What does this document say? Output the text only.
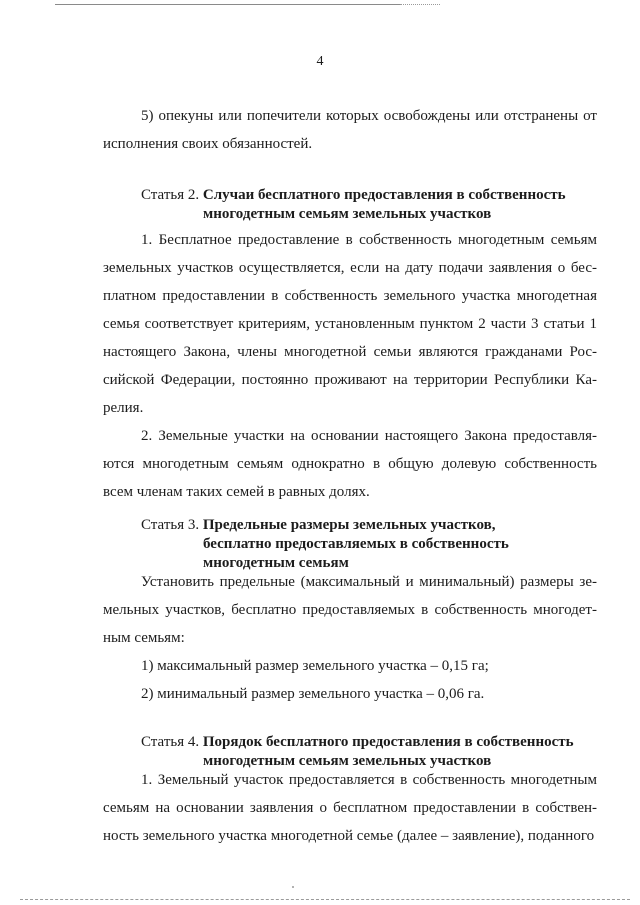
4

5) опекуны или попечители которых освобождены или отстранены от исполнения своих обязанностей.

Статья 2. Случаи бесплатного предоставления в собственность
многодетным семьям земельных участков

1. Бесплатное предоставление в собственность многодетным семьям земельных участков осуществляется, если на дату подачи заявления о бесплатном предоставлении в собственность земельного участка многодетная семья соответствует критериям, установленным пунктом 2 части 3 статьи 1 настоящего Закона, члены многодетной семьи являются гражданами Российской Федерации, постоянно проживают на территории Республики Карелия.

2. Земельные участки на основании настоящего Закона предоставляются многодетным семьям однократно в общую долевую собственность всем членам таких семей в равных долях.

Статья 3. Предельные размеры земельных участков,
бесплатно предоставляемых в собственность
многодетным семьям

Установить предельные (максимальный и минимальный) размеры земельных участков, бесплатно предоставляемых в собственность многодетным семьям:

1) максимальный размер земельного участка – 0,15 га;

2) минимальный размер земельного участка – 0,06 га.

Статья 4. Порядок бесплатного предоставления в собственность
многодетным семьям земельных участков

1. Земельный участок предоставляется в собственность многодетным семьям на основании заявления о бесплатном предоставлении в собственность земельного участка многодетной семье (далее – заявление), поданного
